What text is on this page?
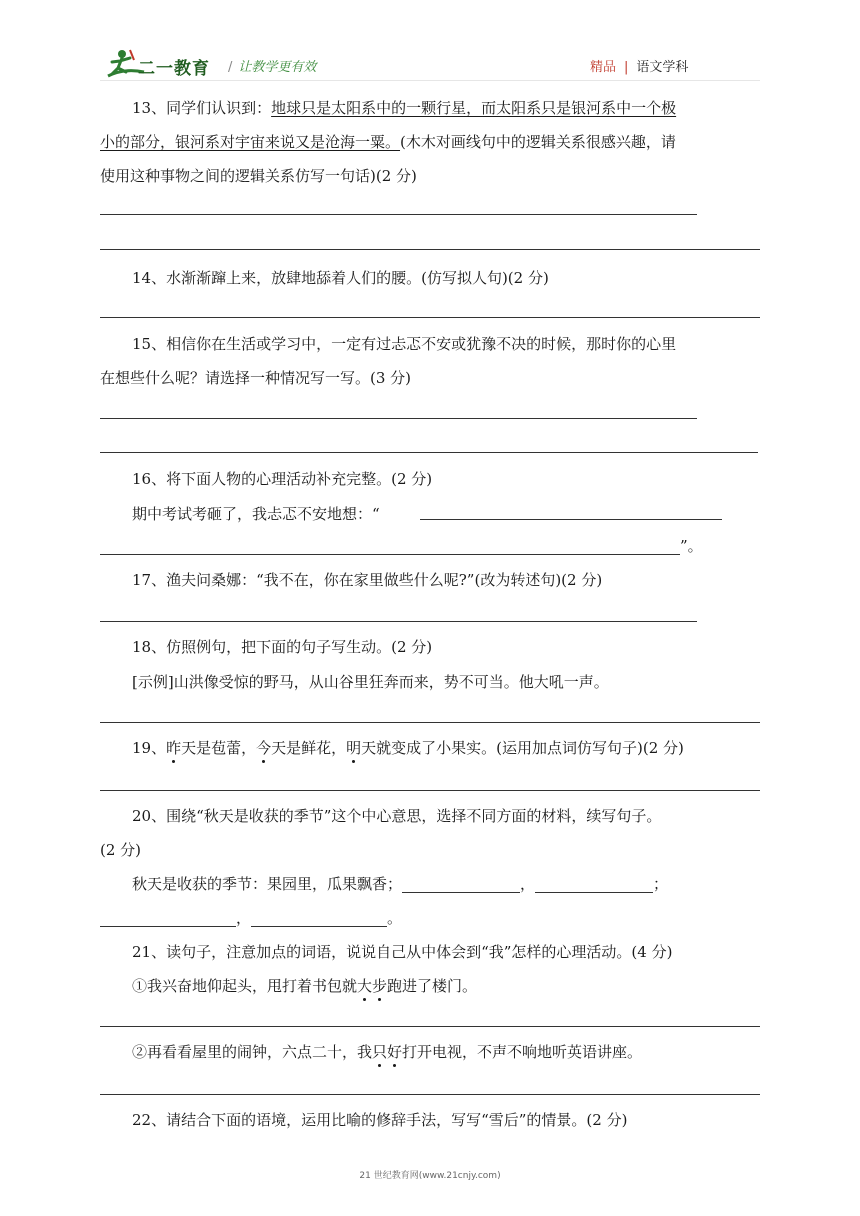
二一教育 / 让教学更有效	精品 | 语文学科
13、同学们认识到：地球只是太阳系中的一颗行星，而太阳系只是银河系中一个极
小的部分，银河系对宇宙来说又是沧海一粟。(木木对画线句中的逻辑关系很感兴趣，请
使用这种事物之间的逻辑关系仿写一句话)(2 分)
14、水渐渐蹿上来，放肆地舔着人们的腰。(仿写拟人句)(2 分)
15、相信你在生活或学习中，一定有过忐忑不安或犹豫不决的时候，那时你的心里
在想些什么呢？请选择一种情况写一写。(3 分)
16、将下面人物的心理活动补充完整。(2 分)
期中考试考砸了，我忐忑不安地想：“
”。
17、渔夫问桑娜：“我不在，你在家里做些什么呢?”(改为转述句)(2 分)
18、仿照例句，把下面的句子写生动。(2 分)
[示例]山洪像受惊的野马，从山谷里狂奔而来，势不可当。他大吼一声。
19、昨天是苞蕾，今天是鲜花，明天就变成了小果实。(运用加点词仿写句子)(2 分)
20、围绕“秋天是收获的季节”这个中心意思，选择不同方面的材料，续写句子。
(2 分)
秋天是收获的季节：果园里，瓜果飘香；	，	；
，	。
21、读句子，注意加点的词语，说说自己从中体会到“我”怎样的心理活动。(4 分)
①我兴奋地仰起头，甩打着书包就大步跑进了楼门。
②再看看屋里的闹钟，六点二十，我只好打开电视，不声不响地听英语讲座。
22、请结合下面的语境，运用比喻的修辞手法，写写“雪后”的情景。(2 分)
21 世纪教育网(www.21cnjy.com)
